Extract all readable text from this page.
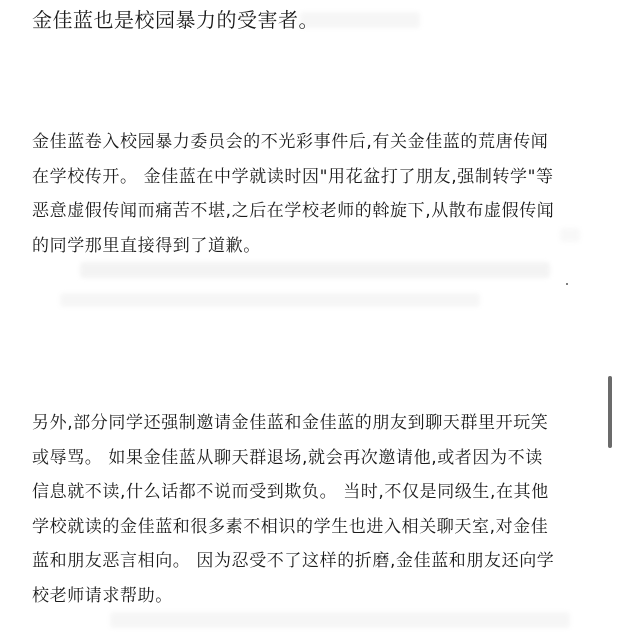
金佳蓝也是校园暴力的受害者。

金佳蓝卷入校园暴力委员会的不光彩事件后,有关金佳蓝的荒唐传闻
在学校传开。 金佳蓝在中学就读时因"用花盆打了朋友,强制转学"等
恶意虚假传闻而痛苦不堪,之后在学校老师的斡旋下,从散布虚假传闻
的同学那里直接得到了道歉。

另外,部分同学还强制邀请金佳蓝和金佳蓝的朋友到聊天群里开玩笑
或辱骂。 如果金佳蓝从聊天群退场,就会再次邀请他,或者因为不读
信息就不读,什么话都不说而受到欺负。 当时,不仅是同级生,在其他
学校就读的金佳蓝和很多素不相识的学生也进入相关聊天室,对金佳
蓝和朋友恶言相向。 因为忍受不了这样的折磨,金佳蓝和朋友还向学
校老师请求帮助。
